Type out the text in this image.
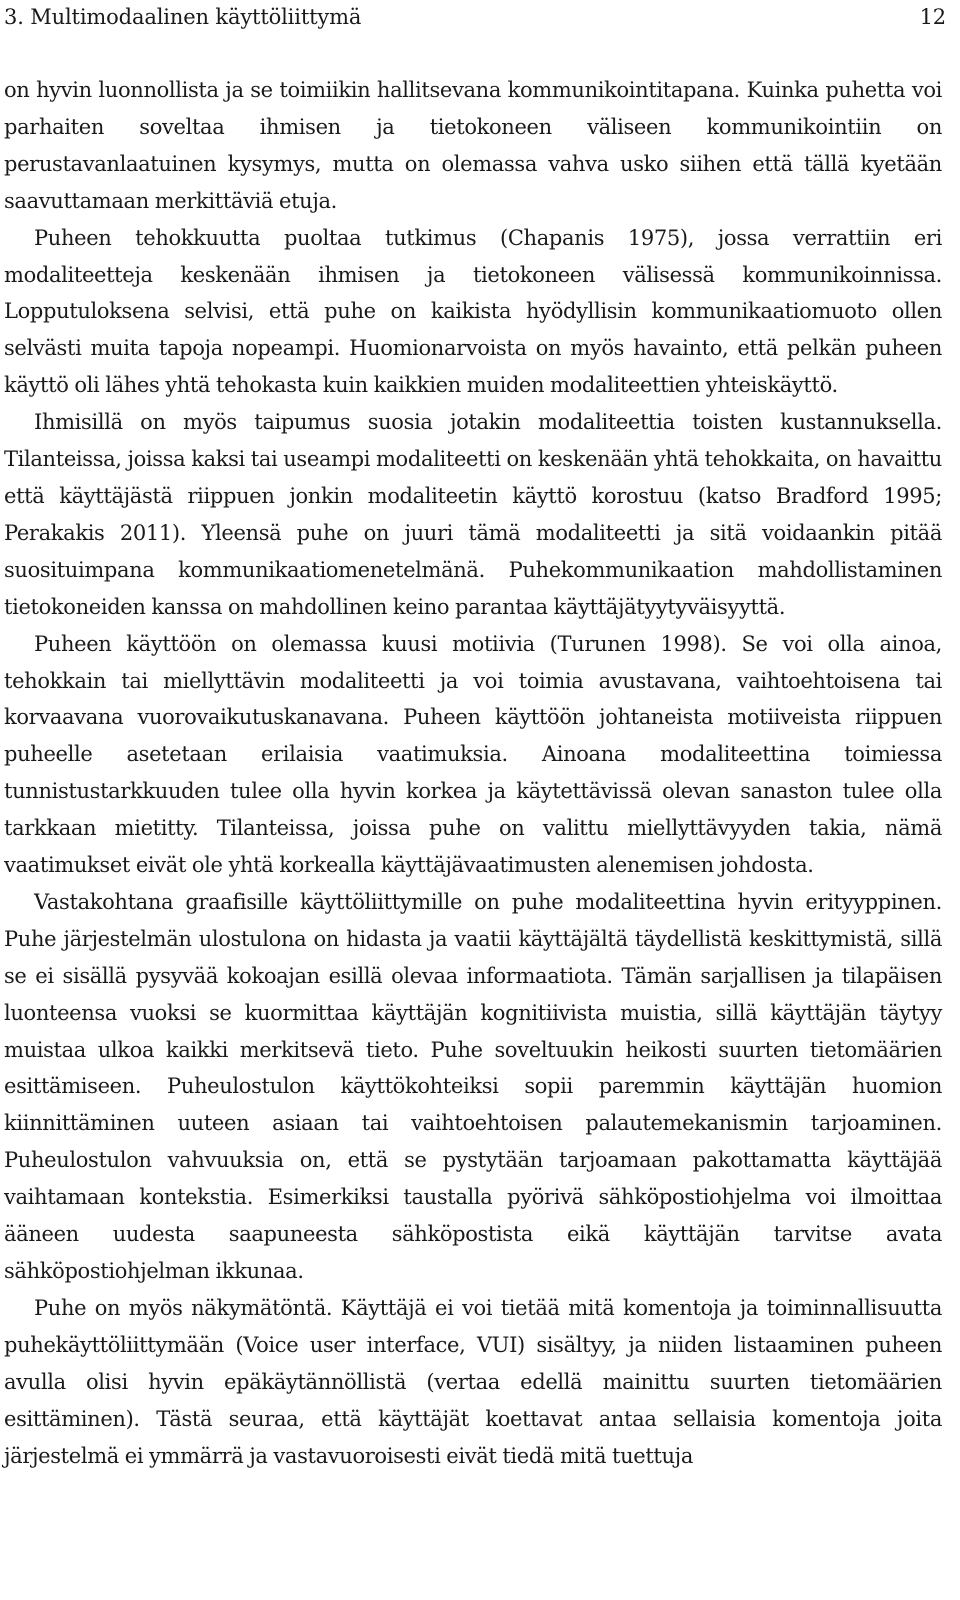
3. Multimodaalinen käyttöliittymä	12

on hyvin luonnollista ja se toimiikin hallitsevana kommunikointitapana. Kuinka puhetta voi parhaiten soveltaa ihmisen ja tietokoneen väliseen kommunikointiin on perustavanlaatuinen kysymys, mutta on olemassa vahva usko siihen että tällä kyetään saavuttamaan merkittäviä etuja.

Puheen tehokkuutta puoltaa tutkimus (Chapanis 1975), jossa verrattiin eri modaliteetteja keskenään ihmisen ja tietokoneen välisessä kommunikoinnissa. Lopputuloksena selvisi, että puhe on kaikista hyödyllisin kommunikaatiomuoto ollen selvästi muita tapoja nopeampi. Huomionarvoista on myös havainto, että pelkän puheen käyttö oli lähes yhtä tehokasta kuin kaikkien muiden modaliteettien yhteiskäyttö.

Ihmisillä on myös taipumus suosia jotakin modaliteettia toisten kustannuksella. Tilanteissa, joissa kaksi tai useampi modaliteetti on keskenään yhtä tehokkaita, on havaittu että käyttäjästä riippuen jonkin modaliteetin käyttö korostuu (katso Bradford 1995; Perakakis 2011). Yleensä puhe on juuri tämä modaliteetti ja sitä voidaankin pitää suosituimpana kommunikaatiomenetelmänä. Puhekommunikaation mahdollistaminen tietokoneiden kanssa on mahdollinen keino parantaa käyttäjätyytyväisyyttä.

Puheen käyttöön on olemassa kuusi motiivia (Turunen 1998). Se voi olla ainoa, tehokkain tai miellyttävin modaliteetti ja voi toimia avustavana, vaihtoehtoisena tai korvaavana vuorovaikutuskanavana. Puheen käyttöön johtaneista motiiveista riippuen puheelle asetetaan erilaisia vaatimuksia. Ainoana modaliteettina toimiessa tunnistustarkkuuden tulee olla hyvin korkea ja käytettävissä olevan sanaston tulee olla tarkkaan mietitty. Tilanteissa, joissa puhe on valittu miellyttävyyden takia, nämä vaatimukset eivät ole yhtä korkealla käyttäjävaatimusten alenemisen johdosta.

Vastakohtana graafisille käyttöliittymille on puhe modaliteettina hyvin erityyppinen. Puhe järjestelmän ulostulona on hidasta ja vaatii käyttäjältä täydellistä keskittymistä, sillä se ei sisällä pysyvää kokoajan esillä olevaa informaatiota. Tämän sarjallisen ja tilapäisen luonteensa vuoksi se kuormittaa käyttäjän kognitiivista muistia, sillä käyttäjän täytyy muistaa ulkoa kaikki merkitsevä tieto. Puhe soveltuukin heikosti suurten tietomäärien esittämiseen. Puheulostulon käyttökohteiksi sopii paremmin käyttäjän huomion kiinnittäminen uuteen asiaan tai vaihtoehtoisen palautemekanismin tarjoaminen. Puheulostulon vahvuuksia on, että se pystytään tarjoamaan pakottamatta käyttäjää vaihtamaan kontekstia. Esimerkiksi taustalla pyörivä sähköpostiohjelma voi ilmoittaa ääneen uudesta saapuneesta sähköpostista eikä käyttäjän tarvitse avata sähköpostiohjelman ikkunaa.

Puhe on myös näkymätöntä. Käyttäjä ei voi tietää mitä komentoja ja toiminnallisuutta puhekäyttöliittymään (Voice user interface, VUI) sisältyy, ja niiden listaaminen puheen avulla olisi hyvin epäkäytännöllistä (vertaa edellä mainittu suurten tietomäärien esittäminen). Tästä seuraa, että käyttäjät koettavat antaa sellaisia komentoja joita järjestelmä ei ymmärrä ja vastavuoroisesti eivät tiedä mitä tuettuja
